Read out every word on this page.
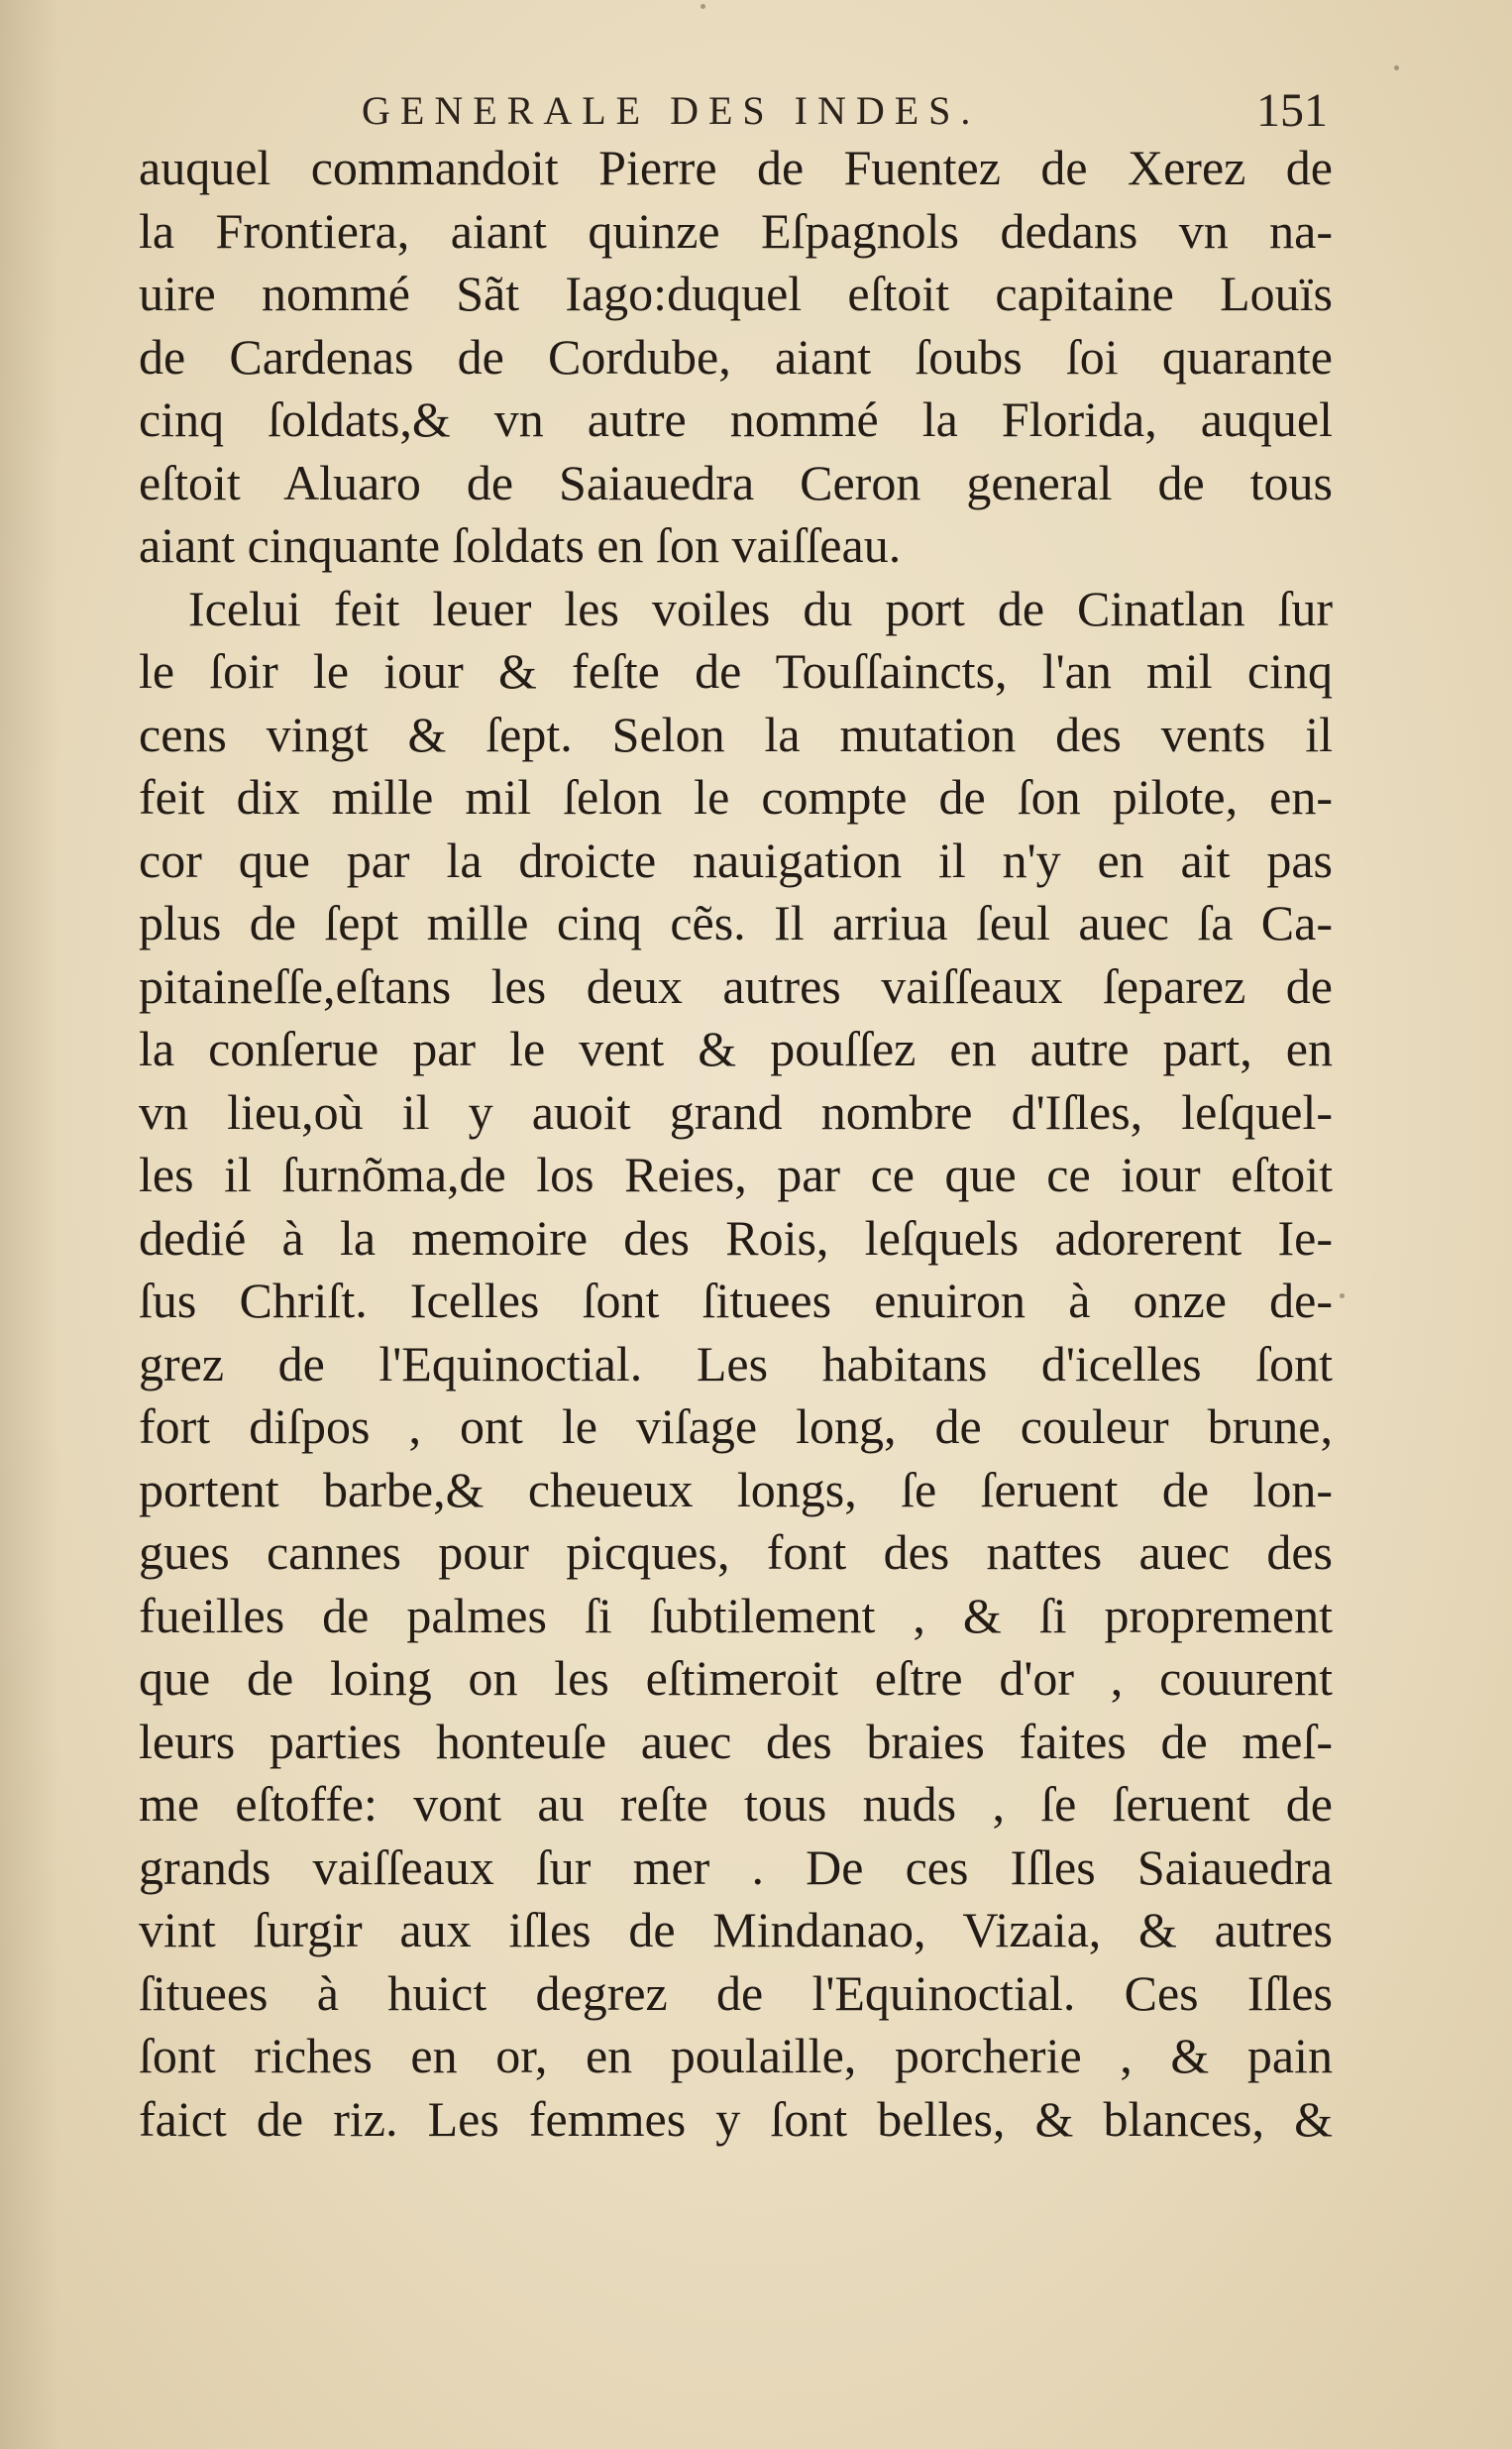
GENERALE DES INDES.	151
auquel commandoit Pierre de Fuentez de Xerez de
la Frontiera, aiant quinze Eſpagnols dedans vn na-
uire nommé Sãt Iago:duquel eſtoit capitaine Louïs
de Cardenas de Cordube, aiant ſoubs ſoi quarante
cinq ſoldats,& vn autre nommé la Florida, auquel
eſtoit Aluaro de Saiauedra Ceron general de tous
aiant cinquante ſoldats en ſon vaiſſeau.
Icelui feit leuer les voiles du port de Cinatlan ſur
le ſoir le iour & feſte de Touſſaincts, l'an mil cinq
cens vingt & ſept. Selon la mutation des vents il
feit dix mille mil ſelon le compte de ſon pilote, en-
cor que par la droicte nauigation il n'y en ait pas
plus de ſept mille cinq cẽs. Il arriua ſeul auec ſa Ca-
pitaineſſe,eſtans les deux autres vaiſſeaux ſeparez de
la conſerue par le vent & pouſſez en autre part, en
vn lieu,où il y auoit grand nombre d'Iſles, leſquel-
les il ſurnõma,de los Reies, par ce que ce iour eſtoit
dedié à la memoire des Rois, leſquels adorerent Ie-
ſus Chriſt. Icelles ſont ſituees enuiron à onze de-
grez de l'Equinoctial. Les habitans d'icelles ſont
fort diſpos , ont le viſage long, de couleur brune,
portent barbe,& cheueux longs, ſe ſeruent de lon-
gues cannes pour picques, font des nattes auec des
fueilles de palmes ſi ſubtilement , & ſi proprement
que de loing on les eſtimeroit eſtre d'or , couurent
leurs parties honteuſe auec des braies faites de meſ-
me eſtoffe: vont au reſte tous nuds , ſe ſeruent de
grands vaiſſeaux ſur mer . De ces Iſles Saiauedra
vint ſurgir aux iſles de Mindanao, Vizaia, & autres
ſituees à huict degrez de l'Equinoctial. Ces Iſles
ſont riches en or, en poulaille, porcherie , & pain
faict de riz. Les femmes y ſont belles, & blances, &
